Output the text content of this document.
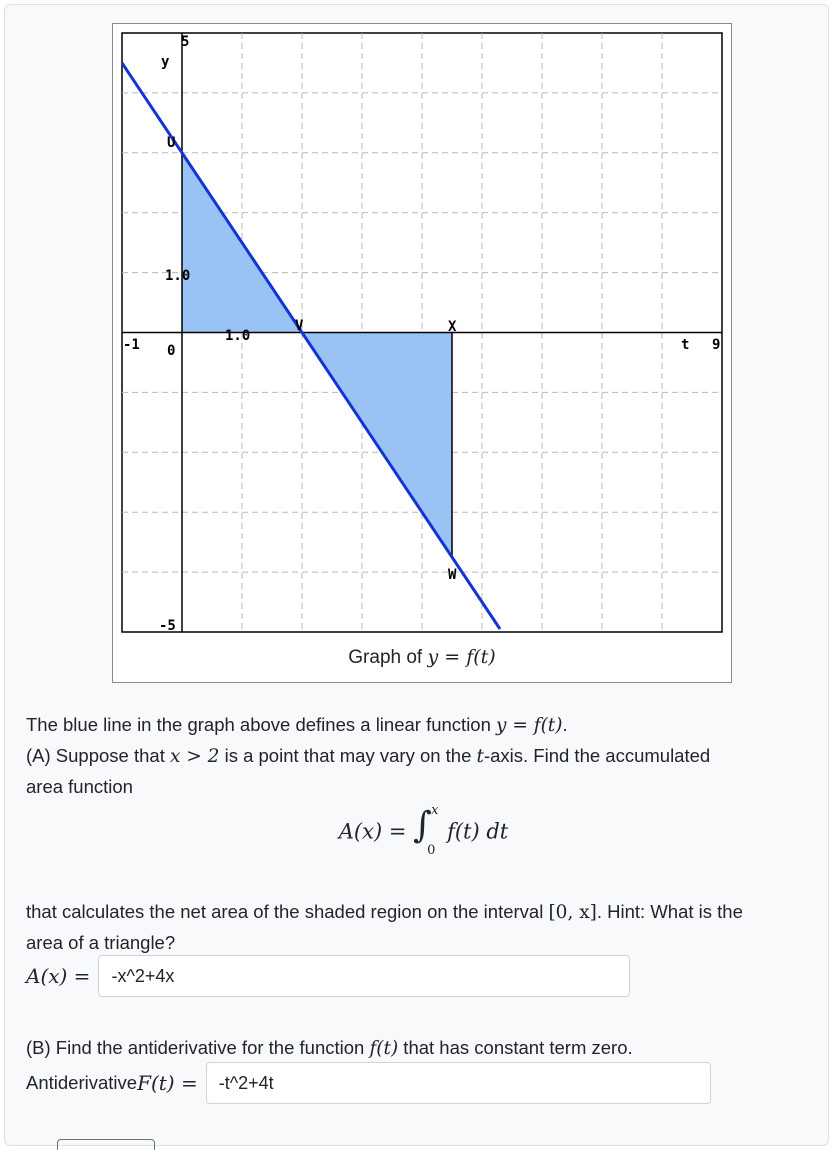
y
5
-5
-1	9
t
0
1.0
1.0
U
V	X
W
Graph of y = f(t)
The blue line in the graph above defines a linear function y = f(t).
(A) Suppose that x > 2 is a point that may vary on the t-axis. Find the accumulated
area function
A(x) = ∫ x
0
f(t) dt
that calculates the net area of the shaded region on the interval [0, x]. Hint: What is the
area of a triangle?
A(x) =	-x^2+4x
(B) Find the antiderivative for the function f(t) that has constant term zero.
Antiderivative F(t) =	-t^2+4t
